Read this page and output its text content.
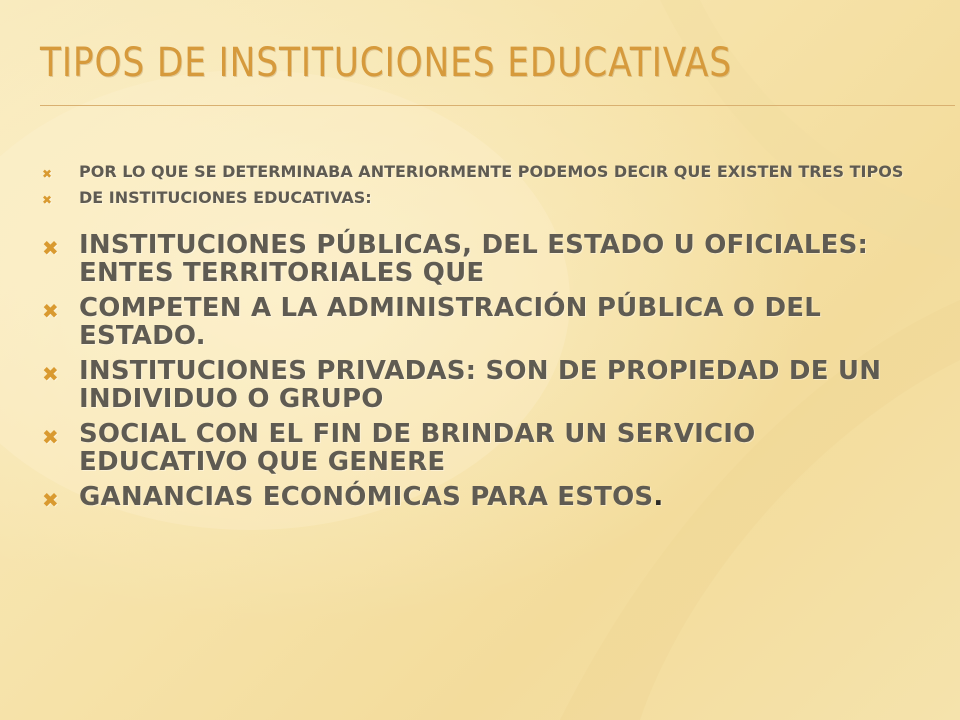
TIPOS DE INSTITUCIONES EDUCATIVAS
✖ POR LO QUE SE DETERMINABA ANTERIORMENTE PODEMOS DECIR QUE EXISTEN TRES TIPOS
✖ DE INSTITUCIONES EDUCATIVAS:
✖ INSTITUCIONES PÚBLICAS, DEL ESTADO U OFICIALES: ENTES TERRITORIALES QUE
✖ COMPETEN A LA ADMINISTRACIÓN PÚBLICA O DEL ESTADO.
✖ INSTITUCIONES PRIVADAS: SON DE PROPIEDAD DE UN INDIVIDUO O GRUPO
✖ SOCIAL CON EL FIN DE BRINDAR UN SERVICIO EDUCATIVO QUE GENERE
✖ GANANCIAS ECONÓMICAS PARA ESTOS.
